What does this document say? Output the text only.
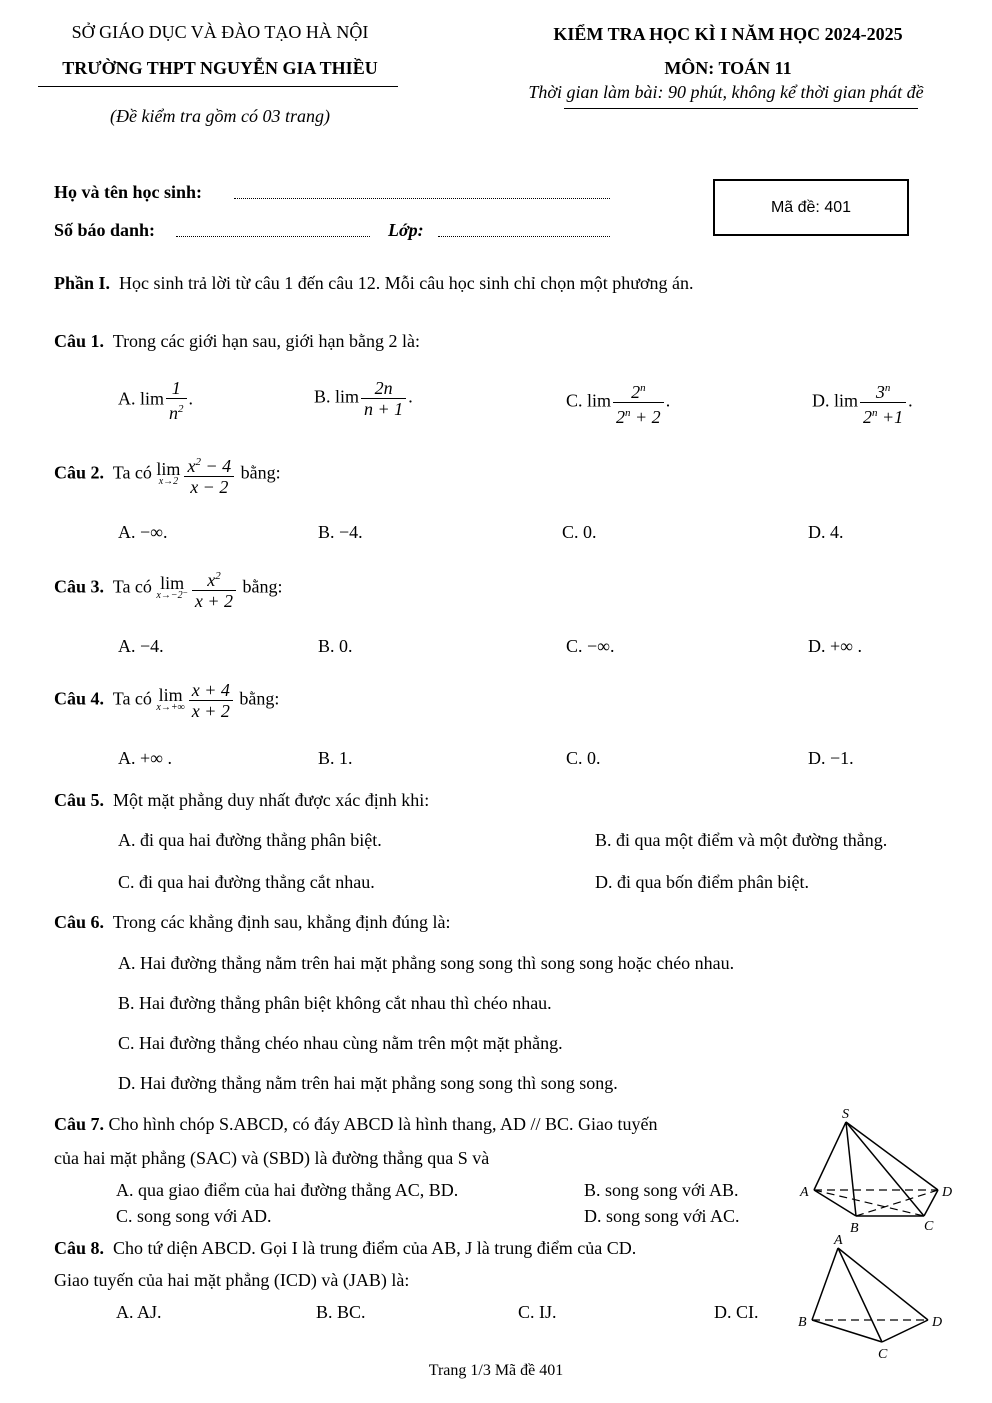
SỞ GIÁO DỤC VÀ ĐÀO TẠO HÀ NỘI
TRƯỜNG THPT NGUYỄN GIA THIỀU
(Đề kiểm tra gồm có 03 trang)
KIỂM TRA HỌC KÌ I NĂM HỌC 2024-2025
MÔN: TOÁN 11
Thời gian làm bài: 90 phút, không kể thời gian phát đề
Họ và tên học sinh:
Số báo danh:	Lớp:
Mã đề:
401
Phần I. Học sinh trả lời từ câu 1 đến câu 12. Mỗi câu học sinh chỉ chọn một phương án.
Câu 1. Trong các giới hạn sau, giới hạn bằng 2 là:
A. $\lim \frac{1}{n^2}$ .	B. $\lim \frac{2n}{n + 1}$ .	C. $\lim \frac{2^n}{2^n + 2}$ .	D. $\lim \frac{3^n}{2^n +1}$ .
Câu 2. Ta có lim
$x\to 2 \frac{x^2 - 4}{x - 2}$ bằng:
A. −∞.	B. −4.	C. 0.	D. 4.
Câu 3. Ta có lim
$x\to-2^- \frac{x^2}{x + 2}$ bằng:
A. −4.	B. 0.	C. −∞.	D. +∞ .
Câu 4. Ta có lim
$x\to+\infty \frac{x + 4}{x + 2}$ bằng:
A. +∞ .	B. 1.	C. 0.	D. −1.
Câu 5. Một mặt phẳng duy nhất được xác định khi:
A. đi qua hai đường thẳng phân biệt.	B. đi qua một điểm và một đường thẳng.
C. đi qua hai đường thẳng cắt nhau.	D. đi qua bốn điểm phân biệt.
Câu 6. Trong các khẳng định sau, khẳng định đúng là:
A. Hai đường thẳng nằm trên hai mặt phẳng song song thì song song hoặc chéo nhau.
B. Hai đường thẳng phân biệt không cắt nhau thì chéo nhau.
C. Hai đường thẳng chéo nhau cùng nằm trên một mặt phẳng.
D. Hai đường thẳng nằm trên hai mặt phẳng song song thì song song.
Câu 7. Cho hình chóp S.ABCD, có đáy ABCD là hình thang, AD // BC. Giao tuyến
của hai mặt phẳng (SAC) và (SBD) là đường thẳng qua S và
A. qua giao điểm của hai đường thẳng AC, BD.	B. song song với AB.
C. song song với AD.	D. song song với AC.
S
A
B	C
D
Câu 8. Cho tứ diện ABCD. Gọi I là trung điểm của AB, J là trung điểm của CD.
Giao tuyến của hai mặt phẳng (ICD) và (JAB) là:
A. AJ.	B. BC.	C. IJ.	D. CI.
A
B
C
D
Trang 1/3 Mã đề 401
